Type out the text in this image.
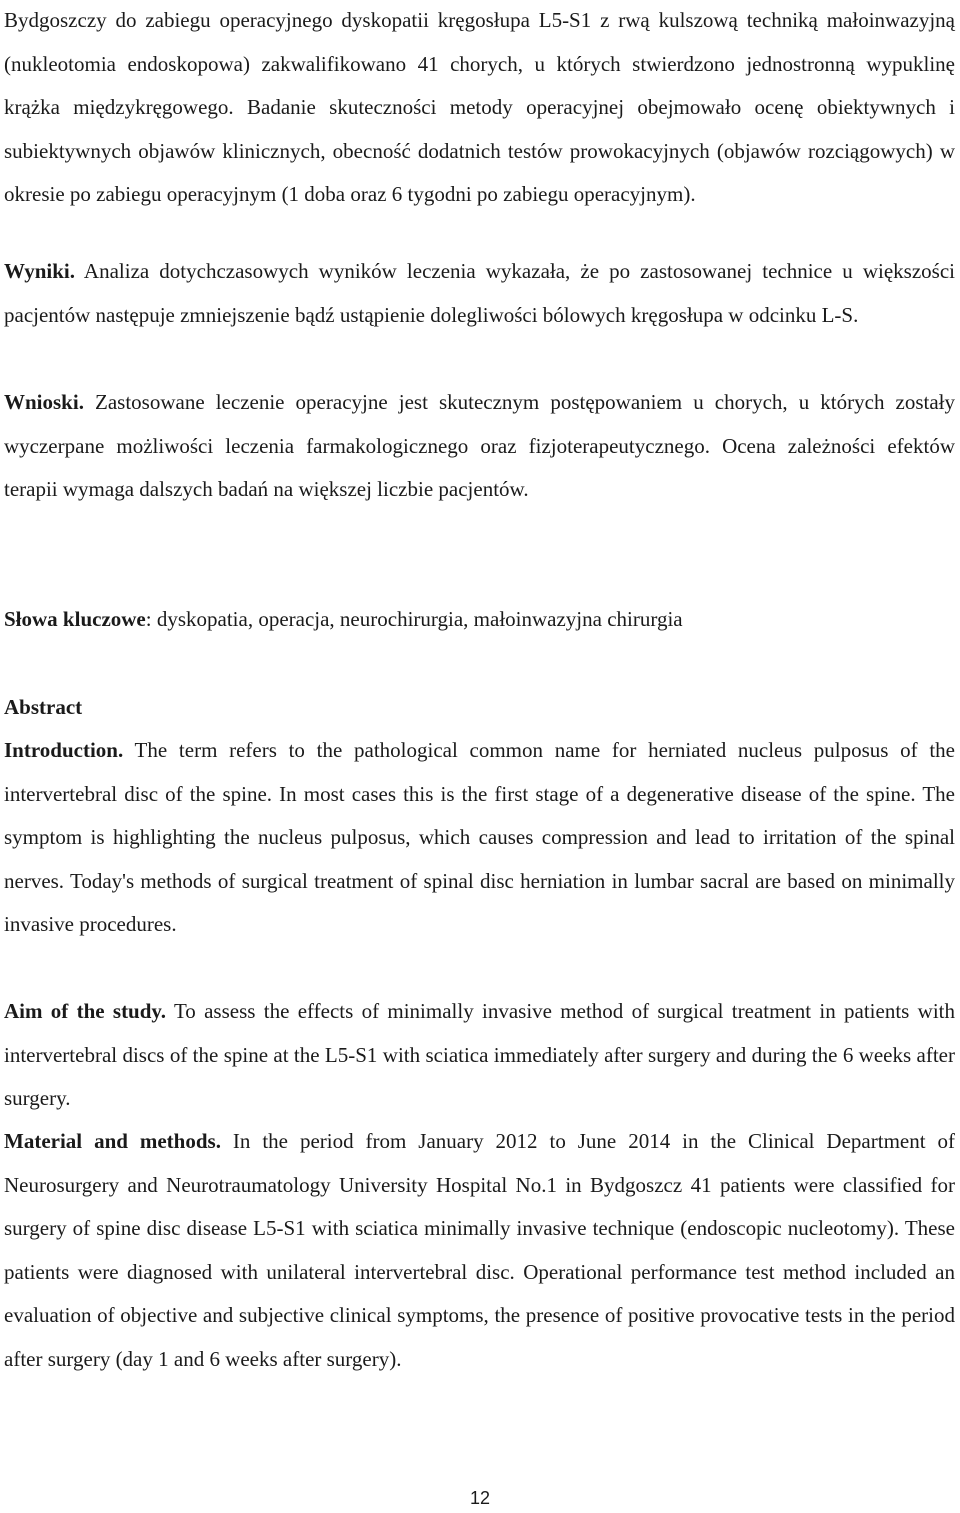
Bydgoszczy do zabiegu operacyjnego dyskopatii kręgosłupa L5-S1 z rwą kulszową techniką małoinwazyjną (nukleotomia endoskopowa) zakwalifikowano 41 chorych, u których stwierdzono jednostronną wypuklinę krążka międzykręgowego. Badanie skuteczności metody operacyjnej obejmowało ocenę obiektywnych i subiektywnych objawów klinicznych, obecność dodatnich testów prowokacyjnych (objawów rozciągowych) w okresie po zabiegu operacyjnym (1 doba oraz 6 tygodni po zabiegu operacyjnym).

Wyniki. Analiza dotychczasowych wyników leczenia wykazała, że po zastosowanej technice u większości pacjentów następuje zmniejszenie bądź ustąpienie dolegliwości bólowych kręgosłupa w odcinku L-S.

Wnioski. Zastosowane leczenie operacyjne jest skutecznym postępowaniem u chorych, u których zostały wyczerpane możliwości leczenia farmakologicznego oraz fizjoterapeutycznego. Ocena zależności efektów terapii wymaga dalszych badań na większej liczbie pacjentów.

Słowa kluczowe: dyskopatia, operacja, neurochirurgia, małoinwazyjna chirurgia

Abstract

Introduction. The term refers to the pathological common name for herniated nucleus pulposus of the intervertebral disc of the spine. In most cases this is the first stage of a degenerative disease of the spine. The symptom is highlighting the nucleus pulposus, which causes compression and lead to irritation of the spinal nerves. Today's methods of surgical treatment of spinal disc herniation in lumbar sacral are based on minimally invasive procedures.

Aim of the study. To assess the effects of minimally invasive method of surgical treatment in patients with intervertebral discs of the spine at the L5-S1 with sciatica immediately after surgery and during the 6 weeks after surgery.

Material and methods. In the period from January 2012 to June 2014 in the Clinical Department of Neurosurgery and Neurotraumatology University Hospital No.1 in Bydgoszcz 41 patients were classified for surgery of spine disc disease L5-S1 with sciatica minimally invasive technique (endoscopic nucleotomy). These patients were diagnosed with unilateral intervertebral disc. Operational performance test method included an evaluation of objective and subjective clinical symptoms, the presence of positive provocative tests in the period after surgery (day 1 and 6 weeks after surgery).

12
